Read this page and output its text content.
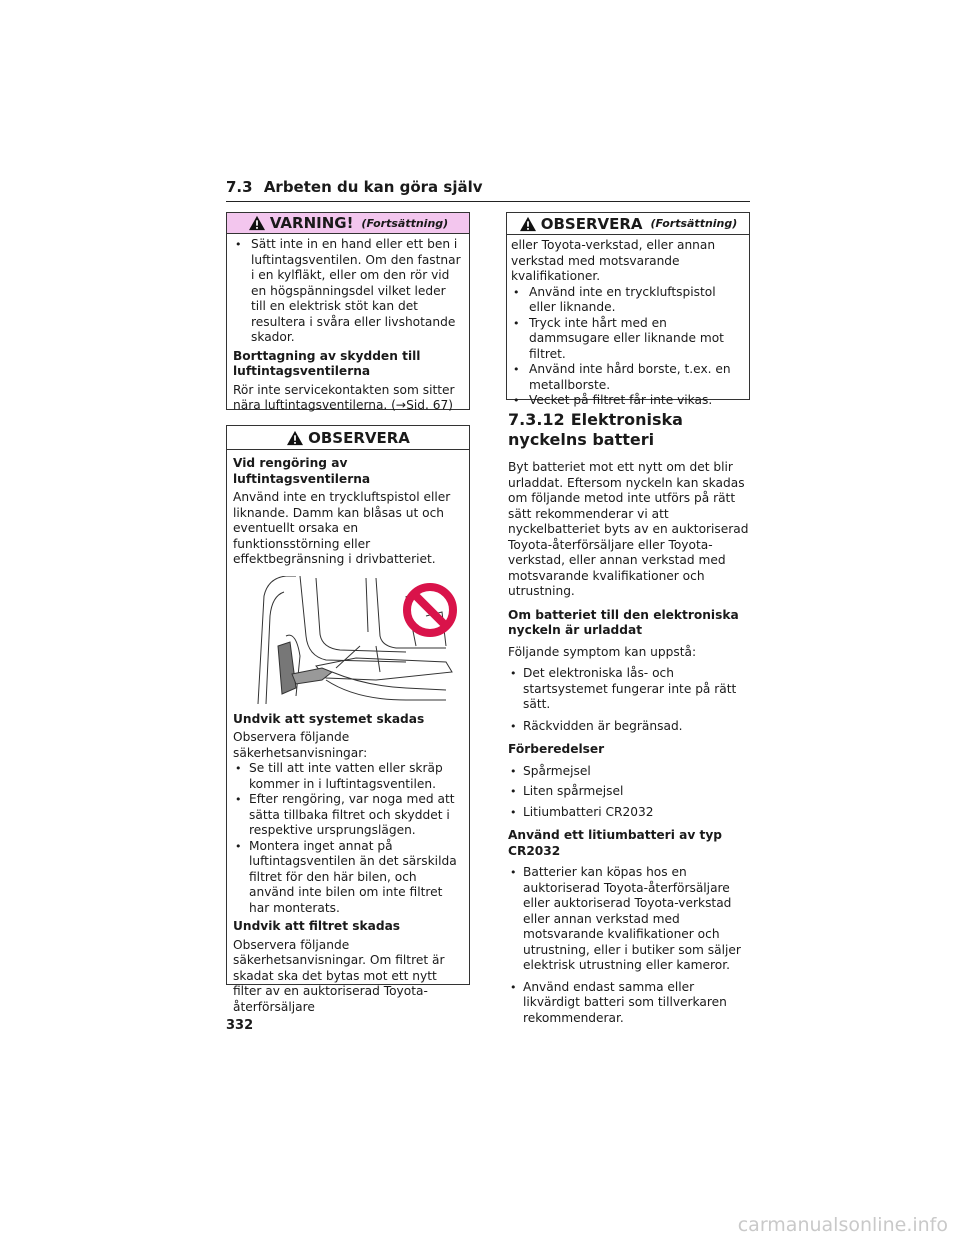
7.3 Arbeten du kan göra själv
VARNING! (Fortsättning)

• Sätt inte in en hand eller ett ben i luftintagsventilen. Om den fastnar i en kylfläkt, eller om den rör vid en högspänningsdel vilket leder till en elektrisk stöt kan det resultera i svåra eller livshotande skador.

Borttagning av skydden till luftintagsventilerna

Rör inte servicekontakten som sitter nära luftintagsventilerna. (→Sid. 67)

OBSERVERA

Vid rengöring av luftintagsventilerna

Använd inte en tryckluftspistol eller liknande. Damm kan blåsas ut och eventuellt orsaka en funktionsstörning eller effektbegränsning i drivbatteriet.

Undvik att systemet skadas

Observera följande säkerhetsanvisningar:

• Se till att inte vatten eller skräp kommer in i luftintagsventilen.

• Efter rengöring, var noga med att sätta tillbaka filtret och skyddet i respektive ursprungslägen.

• Montera inget annat på luftintagsventilen än det särskilda filtret för den här bilen, och använd inte bilen om inte filtret har monterats.

Undvik att filtret skadas

Observera följande säkerhetsanvisningar. Om filtret är skadat ska det bytas mot ett nytt filter av en auktoriserad Toyota-återförsäljare

OBSERVERA (Fortsättning)

eller Toyota-verkstad, eller annan verkstad med motsvarande kvalifikationer.

• Använd inte en tryckluftspistol eller liknande.

• Tryck inte hårt med en dammsugare eller liknande mot filtret.

• Använd inte hård borste, t.ex. en metallborste.

• Vecket på filtret får inte vikas.

7.3.12 Elektroniska nyckelns batteri

Byt batteriet mot ett nytt om det blir urladdat. Eftersom nyckeln kan skadas om följande metod inte utförs på rätt sätt rekommenderar vi att nyckelbatteriet byts av en auktoriserad Toyota-återförsäljare eller Toyota-verkstad, eller annan verkstad med motsvarande kvalifikationer och utrustning.

Om batteriet till den elektroniska nyckeln är urladdat

Följande symptom kan uppstå:

• Det elektroniska lås- och startsystemet fungerar inte på rätt sätt.

• Räckvidden är begränsad.

Förberedelser

• Spårmejsel

• Liten spårmejsel

• Litiumbatteri CR2032

Använd ett litiumbatteri av typ CR2032

• Batterier kan köpas hos en auktoriserad Toyota-återförsäljare eller auktoriserad Toyota-verkstad eller annan verkstad med motsvarande kvalifikationer och utrustning, eller i butiker som säljer elektrisk utrustning eller kameror.

• Använd endast samma eller likvärdigt batteri som tillverkaren rekommenderar.

332
carmanualsonline.info
